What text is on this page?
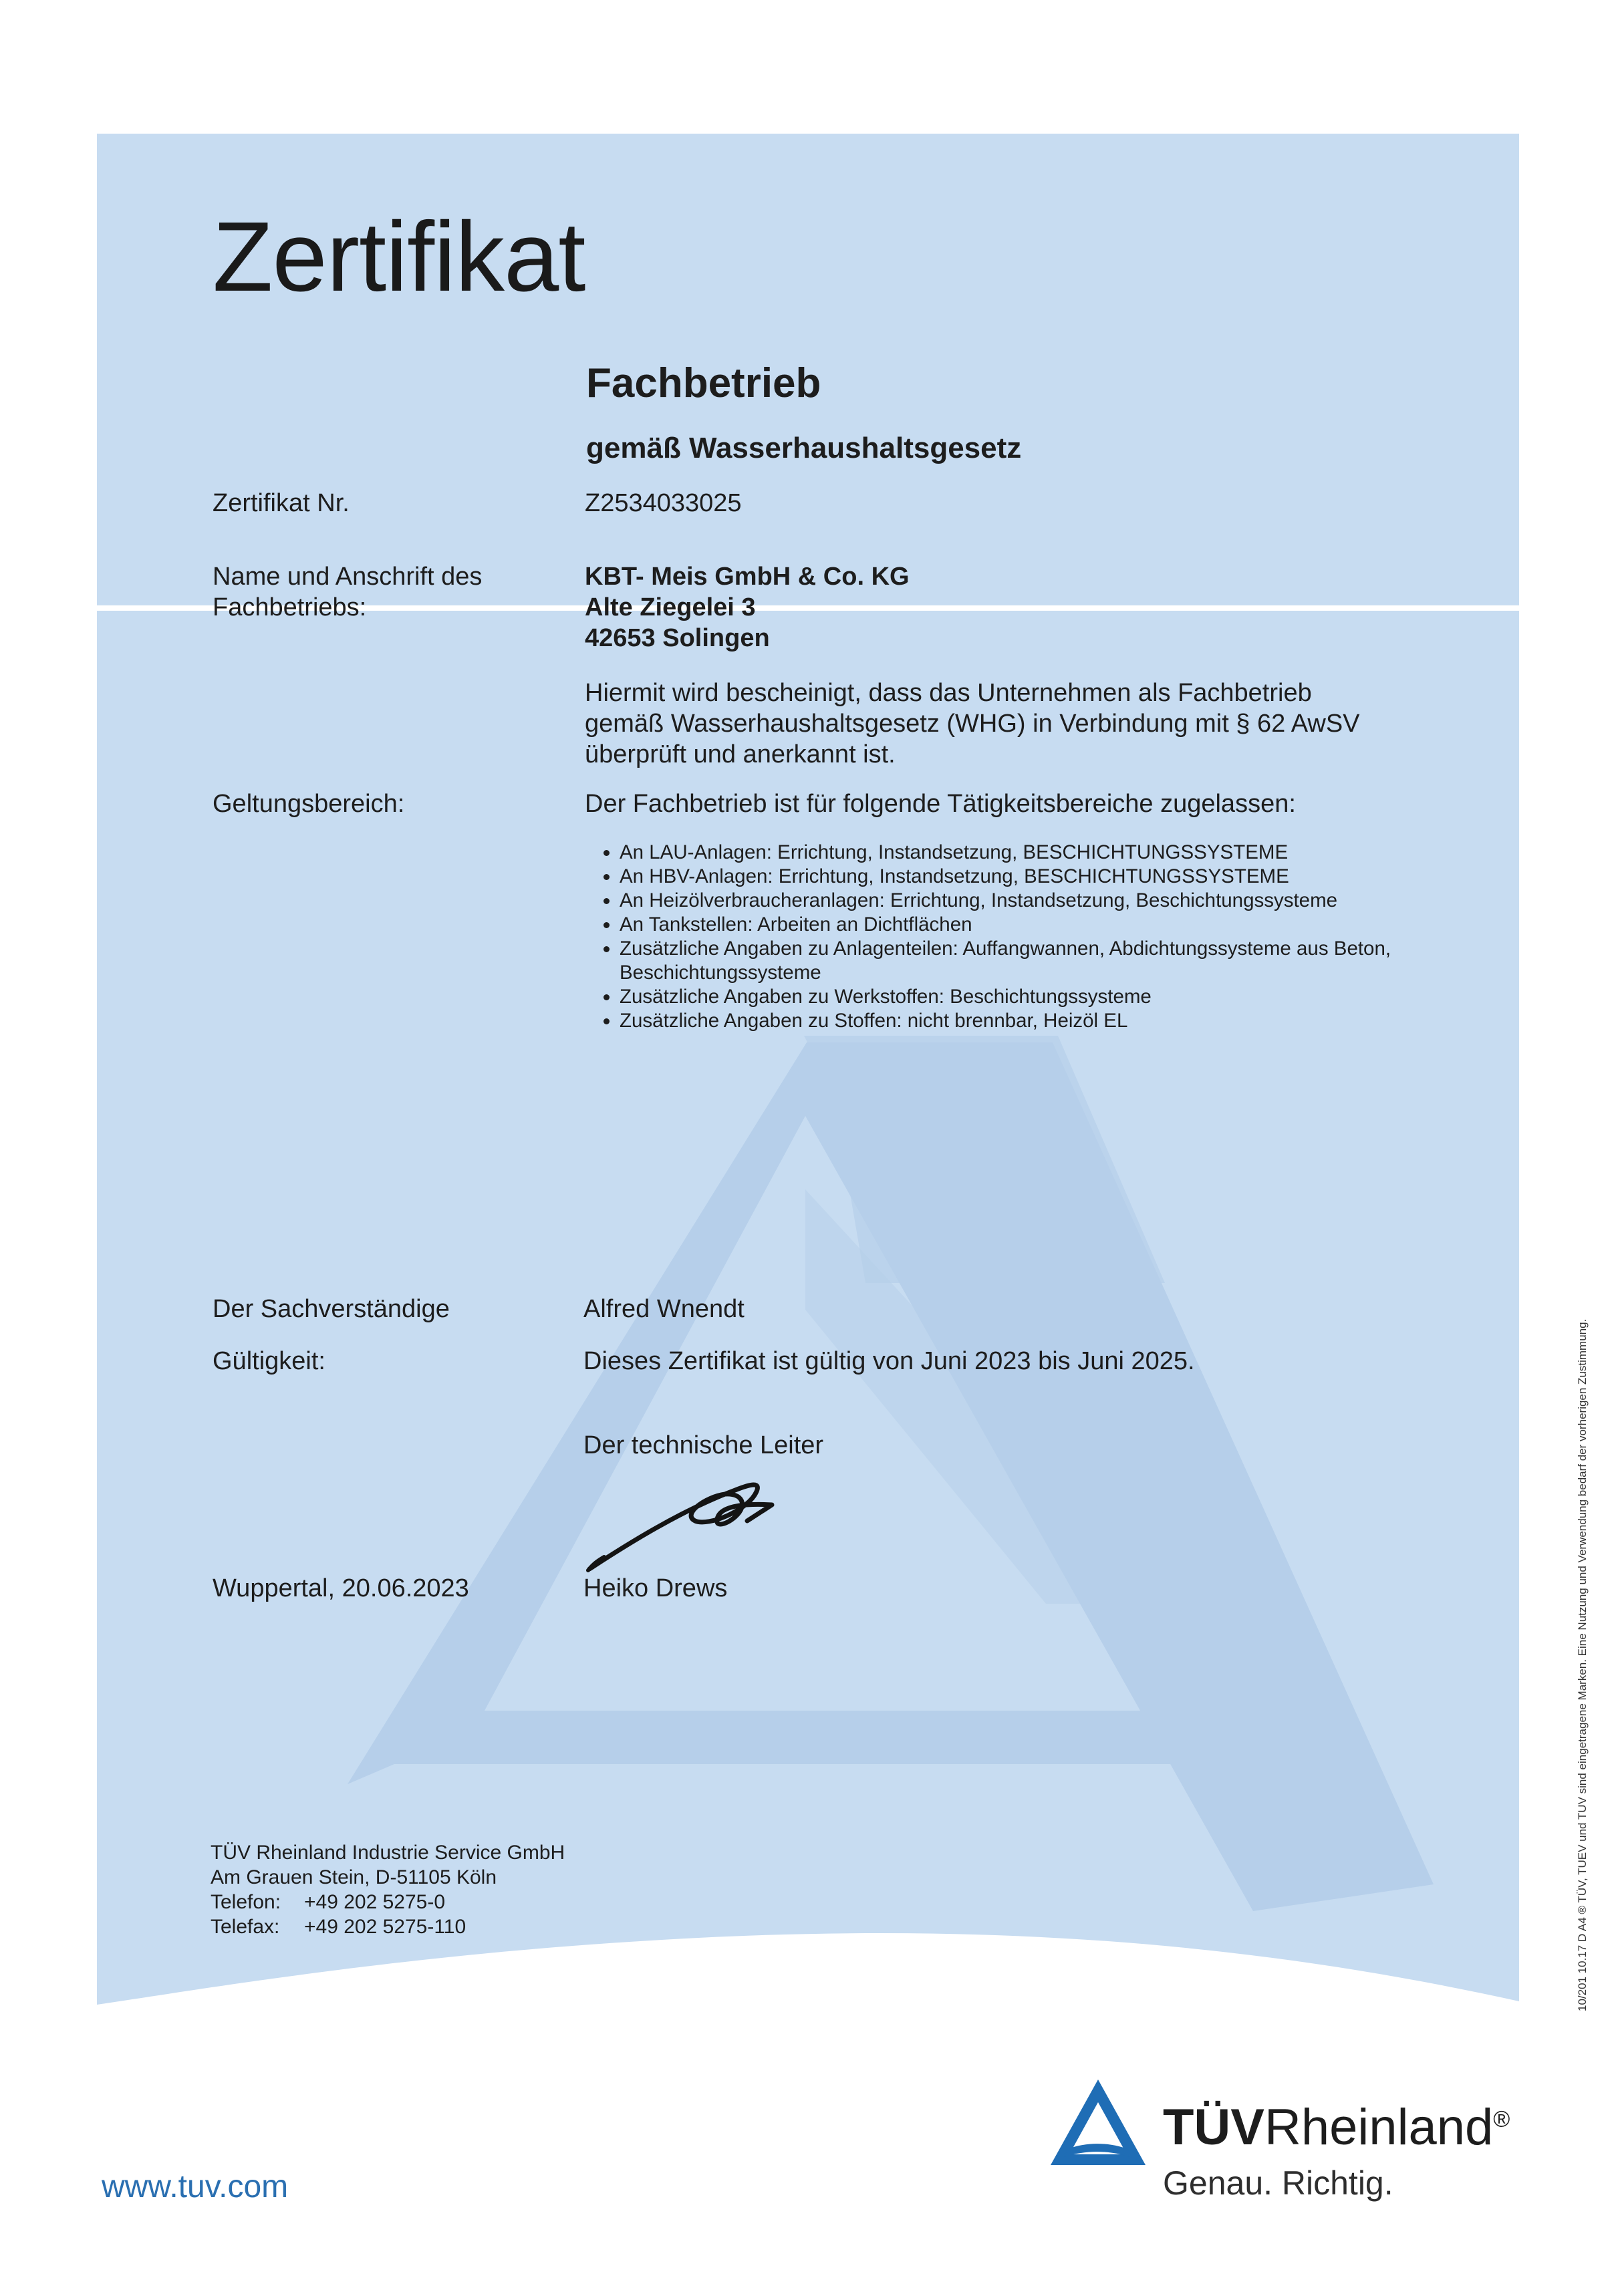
Zertifikat
Fachbetrieb
gemäß Wasserhaushaltsgesetz
Zertifikat Nr.	Z2534033025
Name und Anschrift des
Fachbetriebs:
KBT- Meis GmbH & Co. KG
Alte Ziegelei 3
42653 Solingen
Hiermit wird bescheinigt, dass das Unternehmen als Fachbetrieb gemäß Wasserhaushaltsgesetz (WHG) in Verbindung mit § 62 AwSV überprüft und anerkannt ist.
Geltungsbereich:	Der Fachbetrieb ist für folgende Tätigkeitsbereiche zugelassen:
• An LAU-Anlagen: Errichtung, Instandsetzung, BESCHICHTUNGSSYSTEME
• An HBV-Anlagen: Errichtung, Instandsetzung, BESCHICHTUNGSSYSTEME
• An Heizölverbraucheranlagen: Errichtung, Instandsetzung, Beschichtungssysteme
• An Tankstellen: Arbeiten an Dichtflächen
• Zusätzliche Angaben zu Anlagenteilen: Auffangwannen, Abdichtungssysteme aus Beton, Beschichtungssysteme
• Zusätzliche Angaben zu Werkstoffen: Beschichtungssysteme
• Zusätzliche Angaben zu Stoffen: nicht brennbar, Heizöl EL
Der Sachverständige	Alfred Wnendt
Gültigkeit:	Dieses Zertifikat ist gültig von Juni 2023 bis Juni 2025.
Der technische Leiter
Wuppertal, 20.06.2023	Heiko Drews
TÜV Rheinland Industrie Service GmbH
Am Grauen Stein, D-51105 Köln
Telefon: +49 202 5275-0
Telefax: +49 202 5275-110
www.tuv.com
TÜVRheinland®
Genau. Richtig.
10/201 10.17 D A4 ® TÜV, TUEV und TUV sind eingetragene Marken. Eine Nutzung und Verwendung bedarf der vorherigen Zustimmung.
